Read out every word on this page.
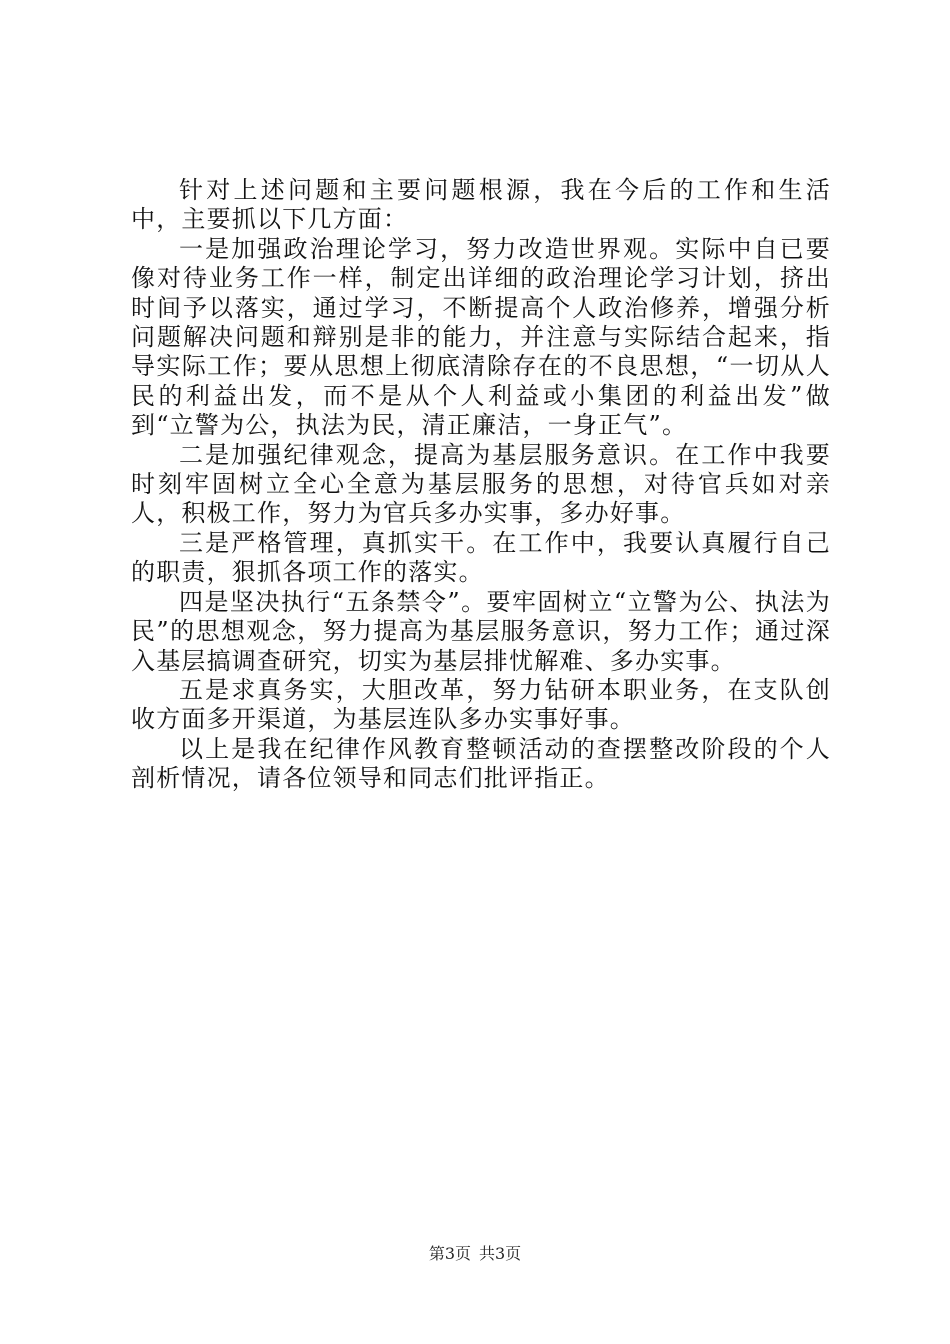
针对上述问题和主要问题根源，我在今后的工作和生活中，主要抓以下几方面：

一是加强政治理论学习，努力改造世界观。实际中自已要像对待业务工作一样，制定出详细的政治理论学习计划，挤出时间予以落实，通过学习，不断提高个人政治修养，增强分析问题解决问题和辩别是非的能力，并注意与实际结合起来，指导实际工作；要从思想上彻底清除存在的不良思想，“一切从人民的利益出发，而不是从个人利益或小集团的利益出发”做到“立警为公，执法为民，清正廉洁，一身正气”。

二是加强纪律观念，提高为基层服务意识。在工作中我要时刻牢固树立全心全意为基层服务的思想，对待官兵如对亲人，积极工作，努力为官兵多办实事，多办好事。

三是严格管理，真抓实干。在工作中，我要认真履行自己的职责，狠抓各项工作的落实。

四是坚决执行“五条禁令”。要牢固树立“立警为公、执法为民”的思想观念，努力提高为基层服务意识，努力工作；通过深入基层搞调查研究，切实为基层排忧解难、多办实事。

五是求真务实，大胆改革，努力钻研本职业务，在支队创收方面多开渠道，为基层连队多办实事好事。

以上是我在纪律作风教育整顿活动的查摆整改阶段的个人剖析情况，请各位领导和同志们批评指正。

第3页 共3页
